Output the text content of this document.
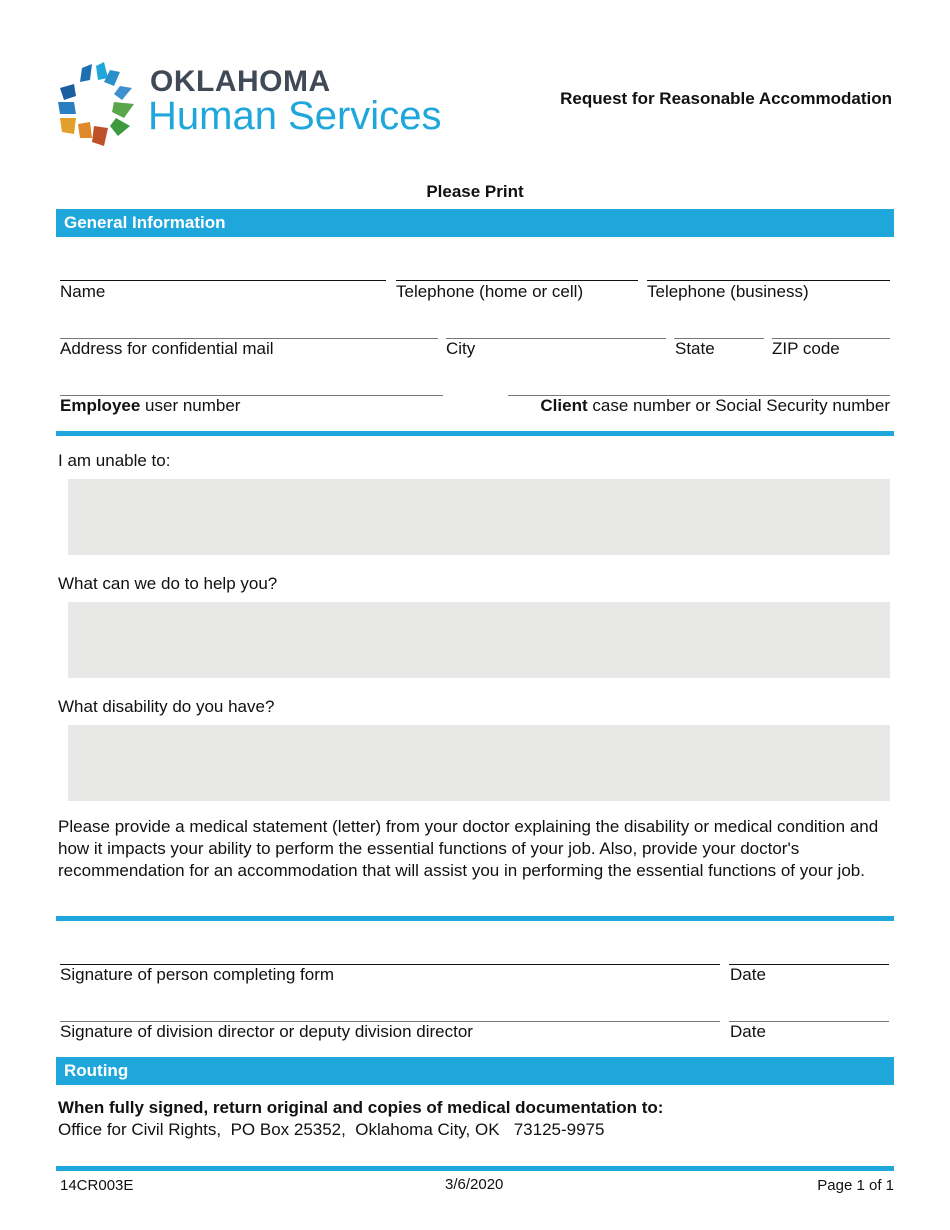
OKLAHOMA
Human Services	Request for Reasonable Accommodation
Please Print
General Information
Name	Telephone (home or cell)	Telephone (business)
Address for confidential mail	City	State	ZIP code
Employee user number	Client case number or Social Security number
I am unable to:
What can we do to help you?
What disability do you have?
Please provide a medical statement (letter) from your doctor explaining the disability or medical condition and how it impacts your ability to perform the essential functions of your job. Also, provide your doctor's recommendation for an accommodation that will assist you in performing the essential functions of your job.
Signature of person completing form	Date
Signature of division director or deputy division director	Date
Routing
When fully signed, return original and copies of medical documentation to:
Office for Civil Rights,  PO Box 25352,  Oklahoma City, OK   73125-9975
14CR003E	3/6/2020	Page 1 of 1
